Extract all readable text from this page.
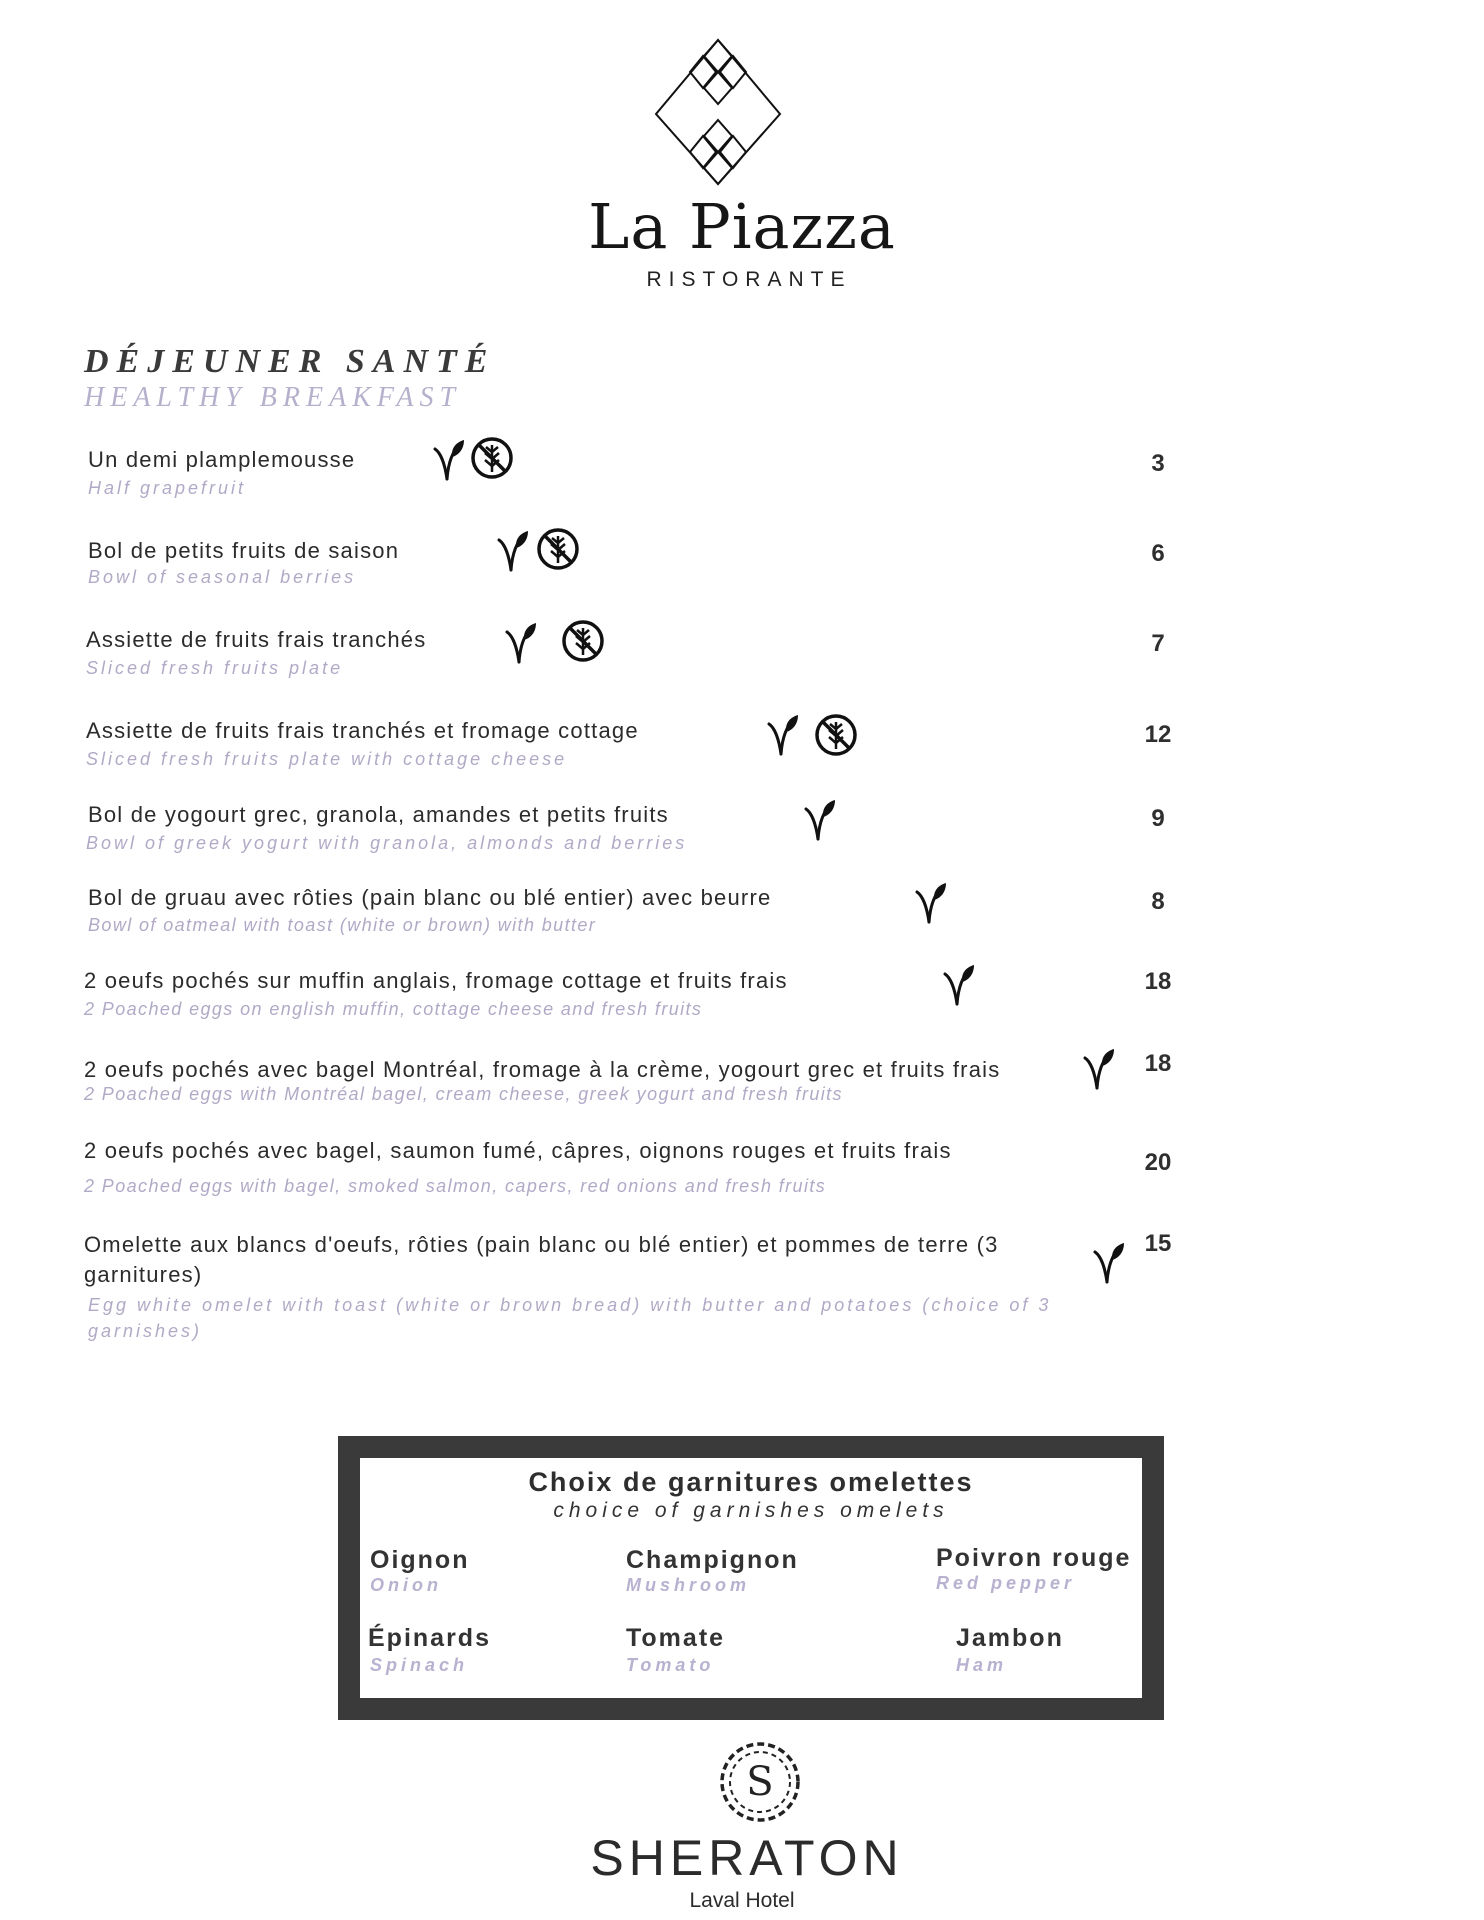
La Piazza
RISTORANTE
DÉJEUNER SANTÉ
HEALTHY BREAKFAST
Un demi plamplemousse
Half grapefruit
3
Bol de petits fruits de saison
Bowl of seasonal berries
6
Assiette de fruits frais tranchés
Sliced fresh fruits plate
7
Assiette de fruits frais tranchés et fromage cottage
Sliced fresh fruits plate with cottage cheese
12
Bol de yogourt grec, granola, amandes et petits fruits
Bowl of greek yogurt with granola, almonds and berries
9
Bol de gruau avec rôties (pain blanc ou blé entier) avec beurre
Bowl of oatmeal with toast (white or brown) with butter
8
2 oeufs pochés sur muffin anglais, fromage cottage et fruits frais
2 Poached eggs on english muffin, cottage cheese and fresh fruits
18
2 oeufs pochés avec bagel Montréal, fromage à la crème, yogourt grec et fruits frais
2 Poached eggs with Montréal bagel, cream cheese, greek yogurt and fresh fruits
18
2 oeufs pochés avec bagel, saumon fumé, câpres, oignons rouges et fruits frais
2 Poached eggs with bagel, smoked salmon, capers, red onions and fresh fruits
20
Omelette aux blancs d'oeufs, rôties (pain blanc ou blé entier) et pommes de terre (3 garnitures)
Egg white omelet with toast (white or brown bread) with butter and potatoes (choice of 3 garnishes)
15
Choix de garnitures omelettes
choice of garnishes omelets
Oignon
Onion
Champignon
Mushroom
Poivron rouge
Red pepper
Épinards
Spinach
Tomate
Tomato
Jambon
Ham
S
SHERATON
Laval Hotel
